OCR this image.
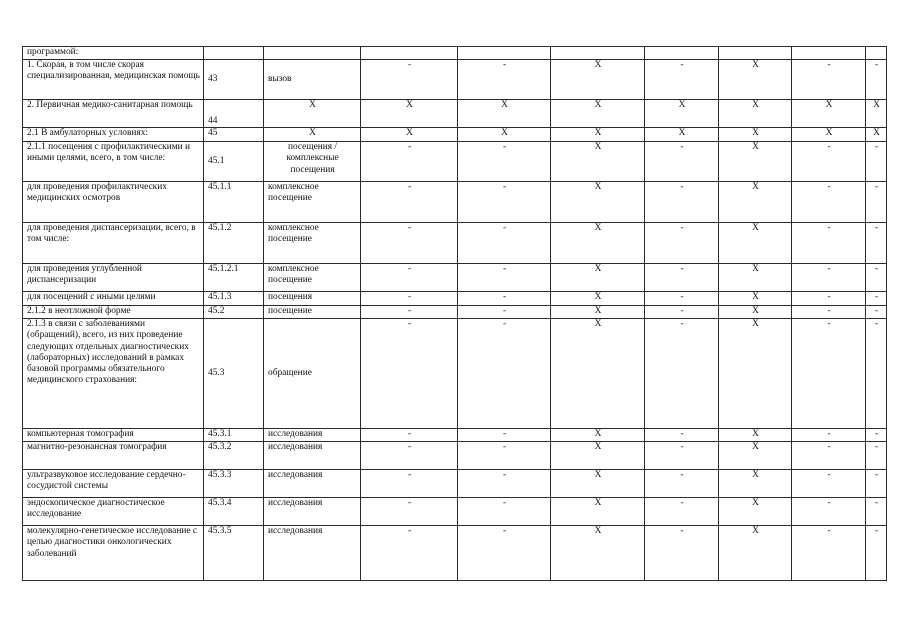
программой:	

1. Скорая, в том числе скорая специализированная, медицинская помощь	43	вызов	-	-	X	-	X	-	-
2. Первичная медико-санитарная помощь	44	X	X	X	X	X	X	X	X
2.1 В амбулаторных условиях:	45	X	X	X	X	X	X	X	X
2.1.1 посещения с профилактическими и иными целями, всего, в том числе:	45.1	посещения / комплексные посещения	-	-	X	-	X	-	-
для проведения профилактических медицинских осмотров	45.1.1	комплексное посещение	-	-	X	-	X	-	-
для проведения диспансеризации, всего, в том числе:	45.1.2	комплексное посещение	-	-	X	-	X	-	-
для проведения углубленной диспансеризации	45.1.2.1	комплексное посещение	-	-	X	-	X	-	-
для посещений с иными целями	45.1.3	посещения	-	-	X	-	X	-	-
2.1.2 в неотложной форме	45.2	посещение	-	-	X	-	X	-	-
2.1.3 в связи с заболеваниями (обращений), всего, из них проведение следующих отдельных диагностических (лабораторных) исследований в рамках базовой программы обязательного медицинского страхования:	45.3	обращение	-	-	X	-	X	-	-
компьютерная томография	45.3.1	исследования	-	-	X	-	X	-	-
магнитно-резонансная томография	45.3.2	исследования	-	-	X	-	X	-	-
ультразвуковое исследование сердечно-сосудистой системы	45.3.3	исследования	-	-	X	-	X	-	-
эндоскопическое диагностическое исследование	45.3.4	исследования	-	-	X	-	X	-	-
молекулярно-генетическое исследование с целью диагностики онкологических заболеваний	45.3.5	исследования	-	-	X	-	X	-	-
